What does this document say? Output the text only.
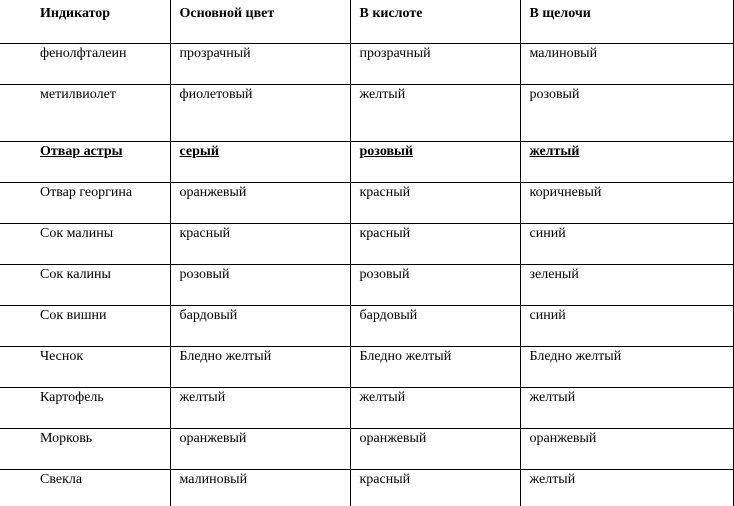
Индикатор	Основной цвет	В кислоте	В щелочи
фенолфталеин	прозрачный	прозрачный	малиновый
метилвиолет	фиолетовый	желтый	розовый
Отвар астры	серый	розовый	желтый
Отвар георгина	оранжевый	красный	коричневый
Сок малины	красный	красный	синий
Сок калины	розовый	розовый	зеленый
Сок вишни	бардовый	бардовый	синий
Чеснок	Бледно желтый	Бледно желтый	Бледно желтый
Картофель	желтый	желтый	желтый
Морковь	оранжевый	оранжевый	оранжевый
Свекла	малиновый	красный	желтый
